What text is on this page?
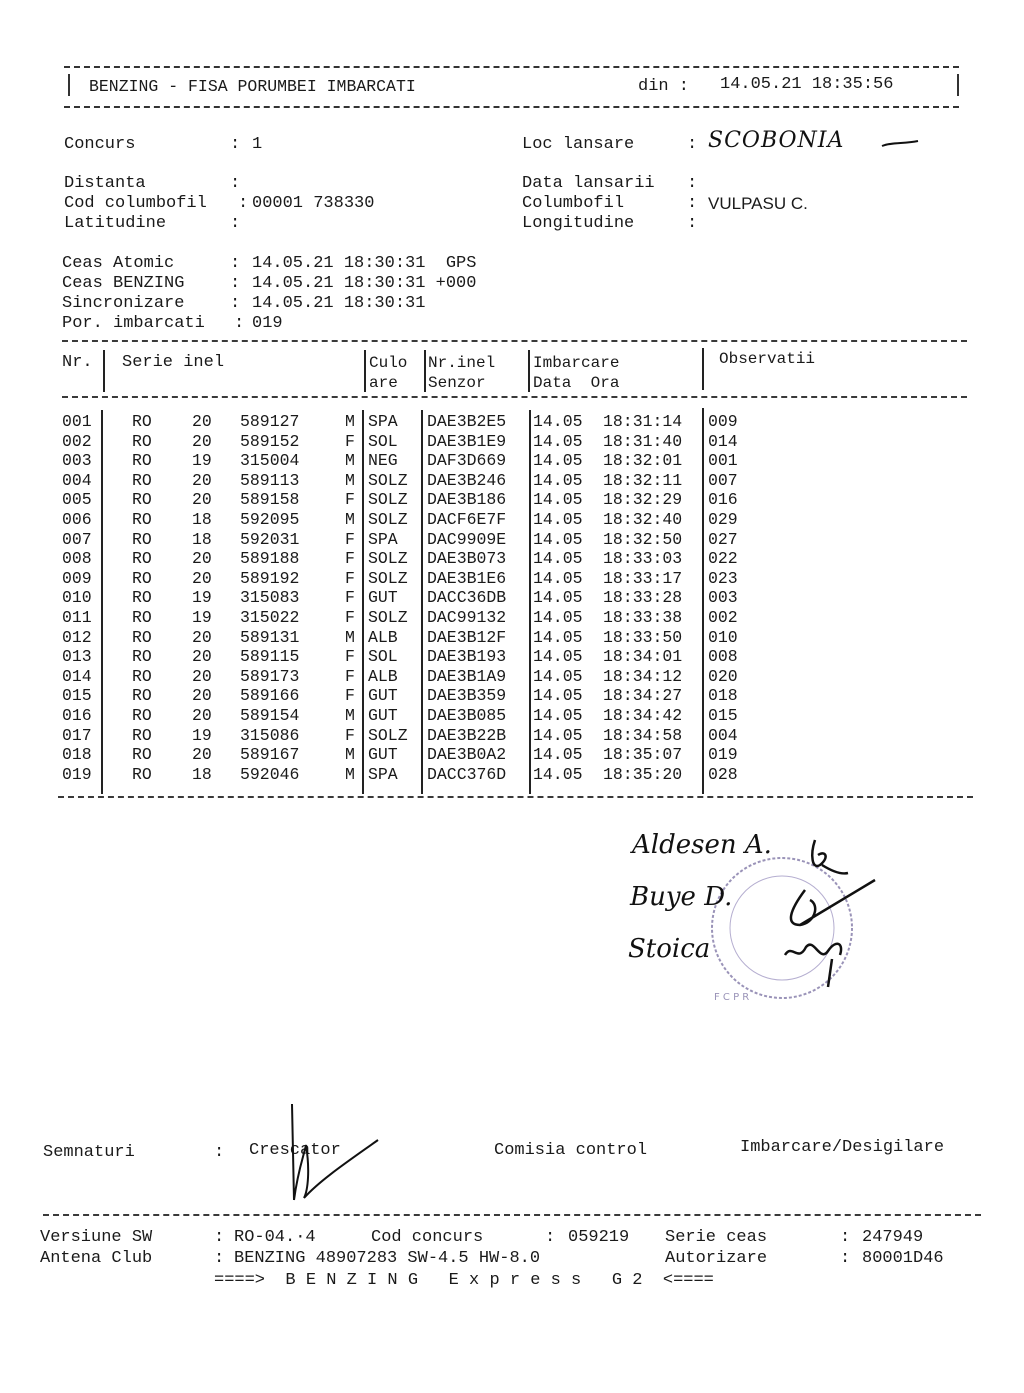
BENZING - FISA PORUMBEI IMBARCATI	din : 14.05.21 18:35:56
Concurs	: 1	Loc lansare	: SCOBONIA
Distanta	:	Data lansarii :
Cod columbofil : 00001 738330	Columbofil	: VULPASU C.
Latitudine	:	Longitudine	:
Ceas Atomic	: 14.05.21 18:30:31  GPS
Ceas BENZING	: 14.05.21 18:30:31 +000
Sincronizare	: 14.05.21 18:30:31
Por. imbarcati : 019
Nr. Serie inel	Culo
are
Nr.inel
Senzor
Imbarcare
Data  Ora
Observatii
001 RO 20 589127	M SPA DAE3B2E5 14.05 18:31:14 009
002 RO 20 589152	F SOL DAE3B1E9 14.05 18:31:40 014
003 RO 19 315004	M NEG DAF3D669 14.05 18:32:01 001
004 RO 20 589113	M SOLZ DAE3B246 14.05 18:32:11 007
005 RO 20 589158	F SOLZ DAE3B186 14.05 18:32:29 016
006 RO 18 592095	M SOLZ DACF6E7F 14.05 18:32:40 029
007 RO 18 592031	F SPA DAC9909E 14.05 18:32:50 027
008 RO 20 589188	F SOLZ DAE3B073 14.05 18:33:03 022
009 RO 20 589192	F SOLZ DAE3B1E6 14.05 18:33:17 023
010 RO 19 315083	F GUT DACC36DB 14.05 18:33:28 003
011 RO 19 315022	F SOLZ DAC99132 14.05 18:33:38 002
012 RO 20 589131	M ALB DAE3B12F 14.05 18:33:50 010
013 RO 20 589115	F SOL DAE3B193 14.05 18:34:01 008
014 RO 20 589173	F ALB DAE3B1A9 14.05 18:34:12 020
015 RO 20 589166	F GUT DAE3B359 14.05 18:34:27 018
016 RO 20 589154	M GUT DAE3B085 14.05 18:34:42 015
017 RO 19 315086	F SOLZ DAE3B22B 14.05 18:34:58 004
018 RO 20 589167	M GUT DAE3B0A2 14.05 18:35:07 019
019 RO 18 592046	M SPA DACC376D 14.05 18:35:20 028
F C P R
Aldesen A.
Buye D.
Stoica
Semnaturi	: Crescator	Comisia control	Imbarcare/Desigilare
Versiune SW	: RO-04.·4	Cod concurs	: 059219 Serie ceas	: 247949
Antena Club	: BENZING 48907283 SW-4.5 HW-8.0	Autorizare	: 80001D46
====>  B E N Z I N G   E x p r e s s   G 2  <====
